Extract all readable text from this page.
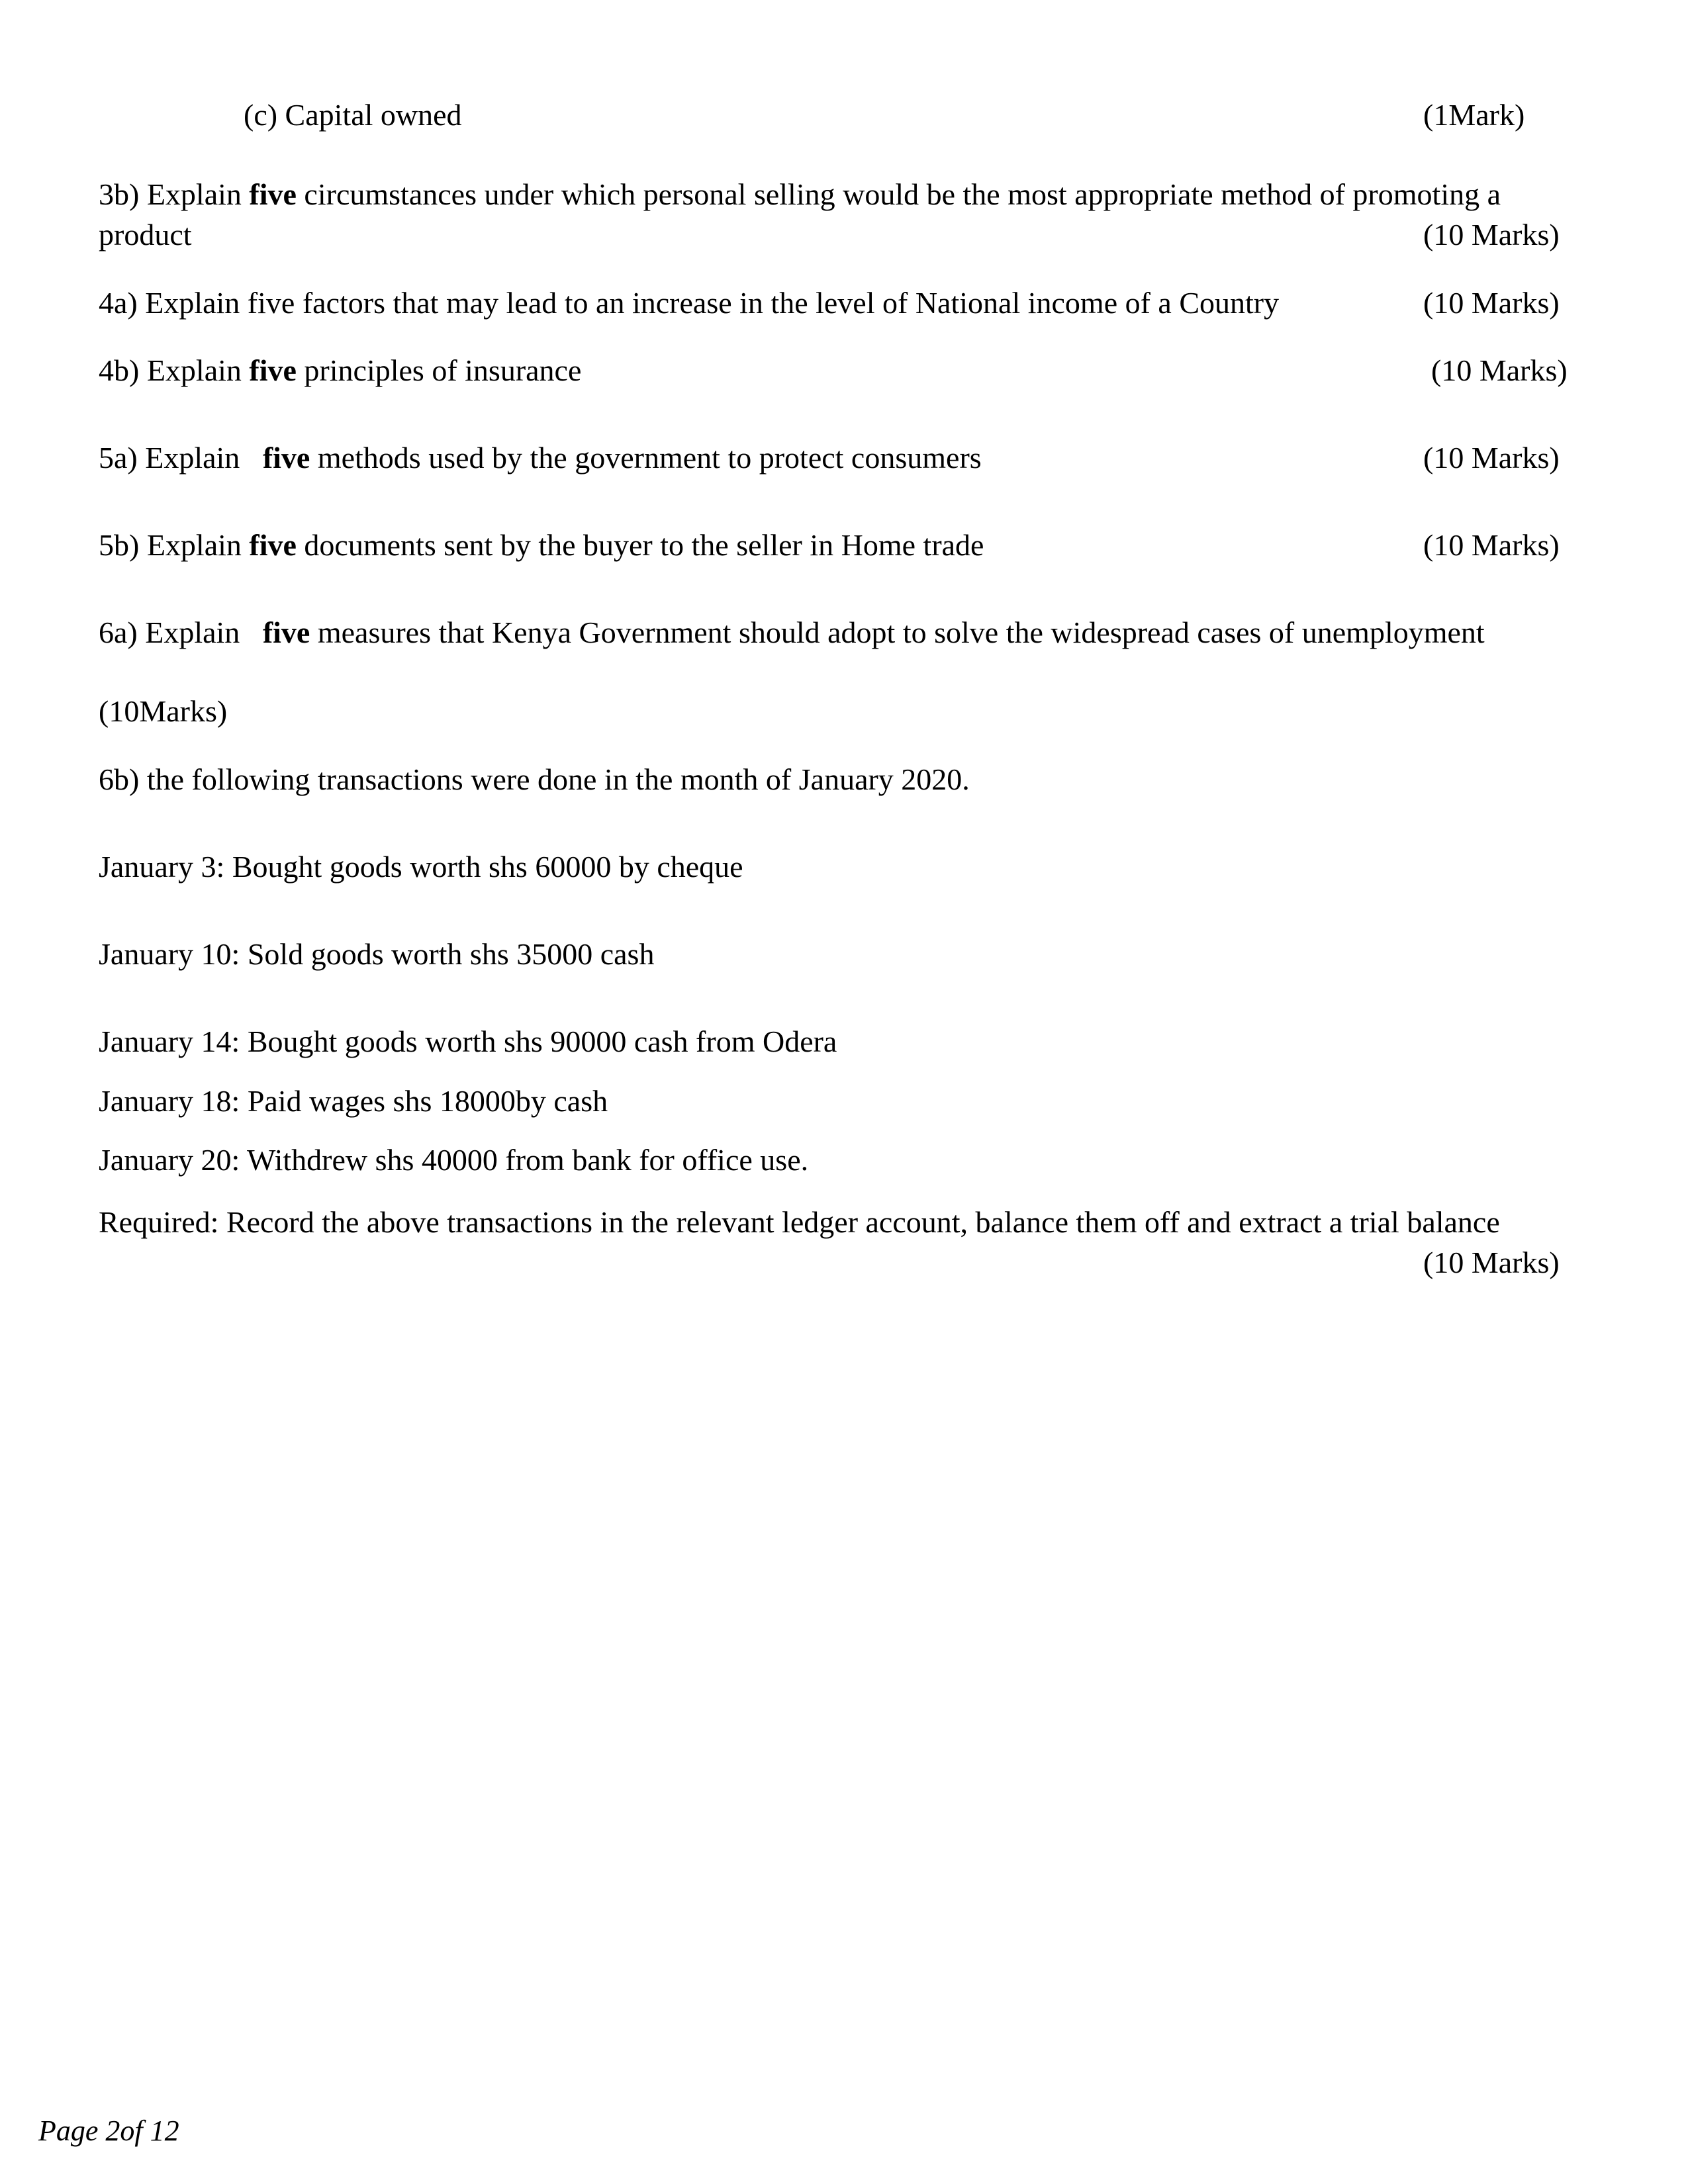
(c) Capital owned	(1Mark)
3b) Explain five circumstances under which personal selling would be the most appropriate method of promoting a
product	(10 Marks)
4a) Explain five factors that may lead to an increase in the level of National income of a Country	(10 Marks)
4b) Explain five principles of insurance	(10 Marks)
5a) Explain   five methods used by the government to protect consumers	(10 Marks)
5b) Explain five documents sent by the buyer to the seller in Home trade	(10 Marks)
6a) Explain   five measures that Kenya Government should adopt to solve the widespread cases of unemployment
(10Marks)
6b) the following transactions were done in the month of January 2020.
January 3: Bought goods worth shs 60000 by cheque
January 10: Sold goods worth shs 35000 cash
January 14: Bought goods worth shs 90000 cash from Odera
January 18: Paid wages shs 18000by cash
January 20: Withdrew shs 40000 from bank for office use.
Required: Record the above transactions in the relevant ledger account, balance them off and extract a trial balance
(10 Marks)
Page 2of 12
